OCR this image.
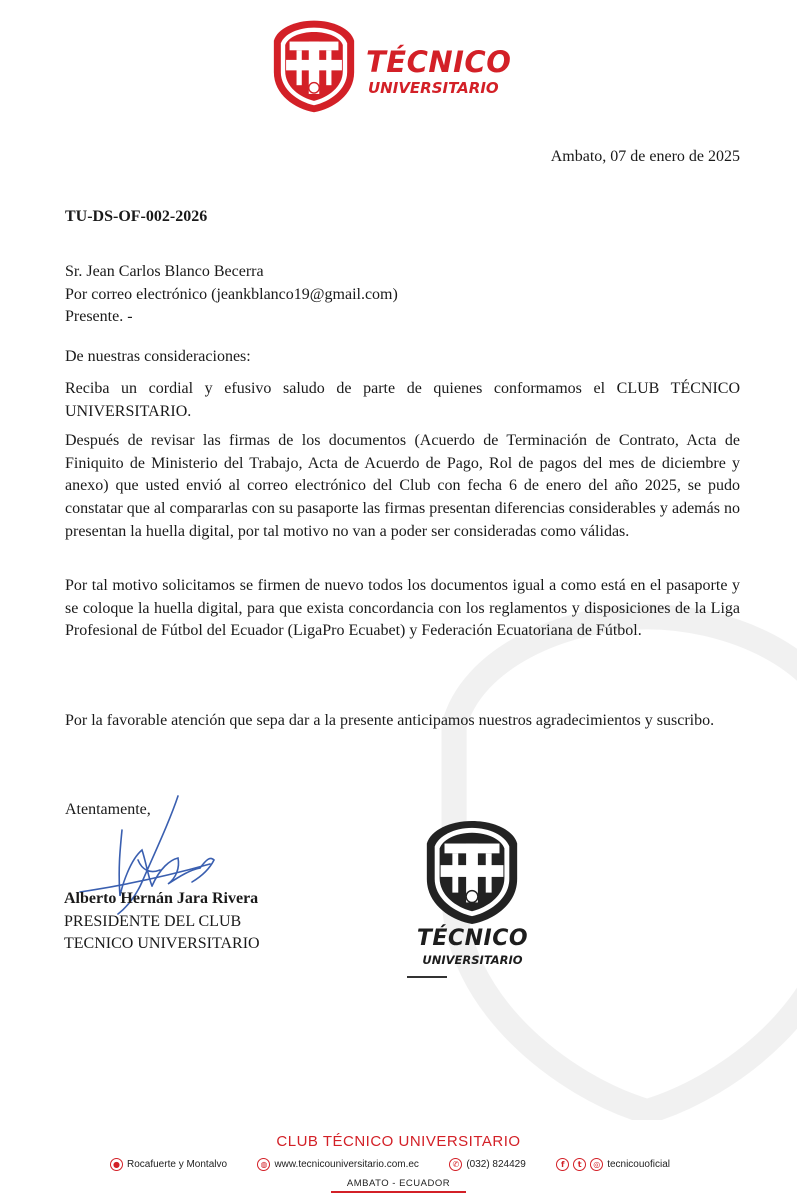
TÉCNICO
UNIVERSITARIO
Ambato, 07 de enero de 2025
TU-DS-OF-002-2026
Sr. Jean Carlos Blanco Becerra
Por correo electrónico (jeankblanco19@gmail.com)
Presente. -
De nuestras consideraciones:
Reciba un cordial y efusivo saludo de parte de quienes conformamos el CLUB TÉCNICO UNIVERSITARIO.
Después de revisar las firmas de los documentos (Acuerdo de Terminación de Contrato, Acta de Finiquito de Ministerio del Trabajo, Acta de Acuerdo de Pago, Rol de pagos del mes de diciembre y anexo) que usted envió al correo electrónico del Club con fecha 6 de enero del año 2025, se pudo constatar que al compararlas con su pasaporte las firmas presentan diferencias considerables y además no presentan la huella digital, por tal motivo no van a poder ser consideradas como válidas.
Por tal motivo solicitamos se firmen de nuevo todos los documentos igual a como está en el pasaporte y se coloque la huella digital, para que exista concordancia con los reglamentos y disposiciones de la Liga Profesional de Fútbol del Ecuador (LigaPro Ecuabet) y Federación Ecuatoriana de Fútbol.
Por la favorable atención que sepa dar a la presente anticipamos nuestros agradecimientos y suscribo.
Atentamente,
Alberto Hernán Jara Rivera
PRESIDENTE DEL CLUB
TECNICO UNIVERSITARIO	TÉCNICO
UNIVERSITARIO
CLUB TÉCNICO UNIVERSITARIO
● Rocafuerte y Montalvo	◍ www.tecnicouniversitario.com.ec	✆ (032) 824429	f	t	◎ tecnicouoficial
AMBATO - ECUADOR
